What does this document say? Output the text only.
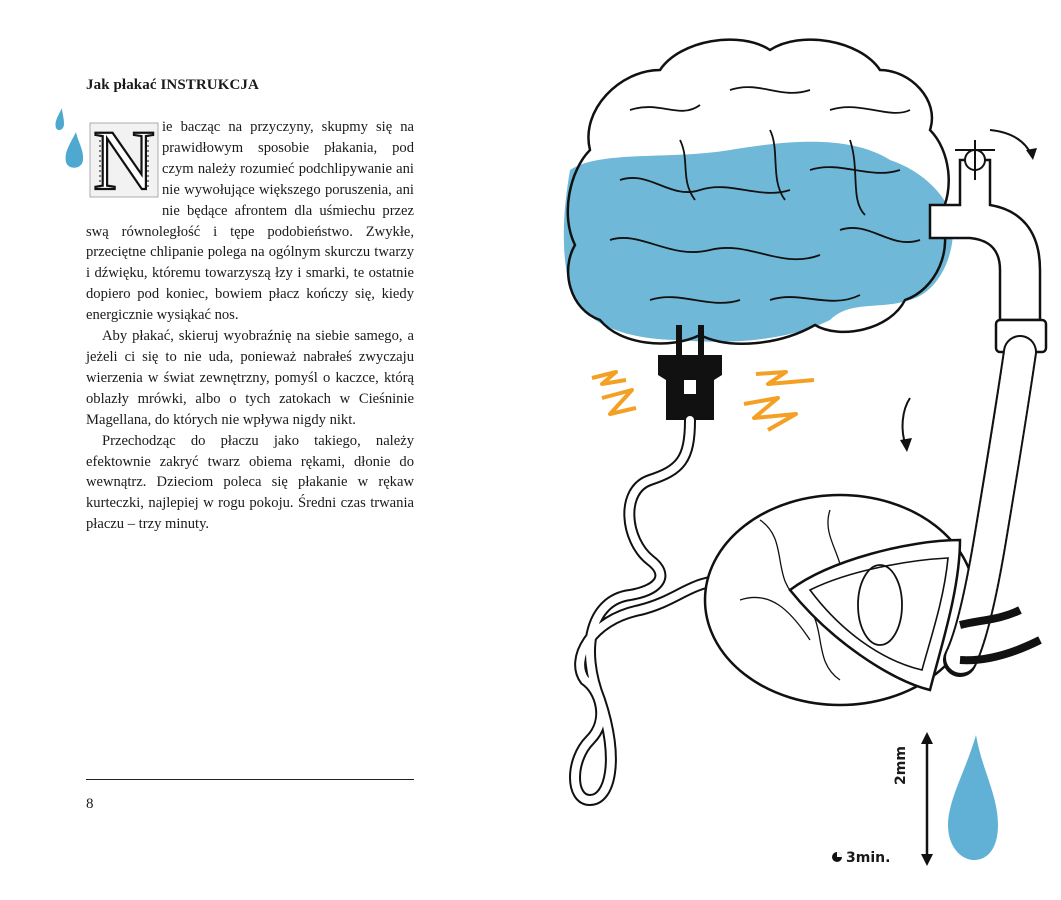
Jak płakać INSTRUKCJA

N ie bacząc na przyczyny, skupmy się na prawidłowym sposobie płakania, pod czym należy rozumieć podchlipywanie ani nie wywołujące większego poruszenia, ani nie będące afrontem dla uśmiechu przez swą równoległość i tępe podobieństwo. Zwykłe, przeciętne chlipanie polega na ogólnym skurczu twarzy i dźwięku, któremu towarzyszą łzy i smarki, te ostatnie dopiero pod koniec, bowiem płacz kończy się, kiedy energicznie wysiąkać nos.

Aby płakać, skieruj wyobraźnię na siebie samego, a jeżeli ci się to nie uda, ponieważ nabrałeś zwyczaju wierzenia w świat zewnętrzny, pomyśl o kaczce, którą oblazły mrówki, albo o tych zatokach w Cieśninie Magellana, do których nie wpływa nigdy nikt.

Przechodząc do płaczu jako takiego, należy efektownie zakryć twarz obiema rękami, dłonie do wewnątrz. Dzieciom poleca się płakanie w rękaw kurteczki, najlepiej w rogu pokoju. Średni czas trwania płaczu – trzy minuty.

8
2mm
3min.
